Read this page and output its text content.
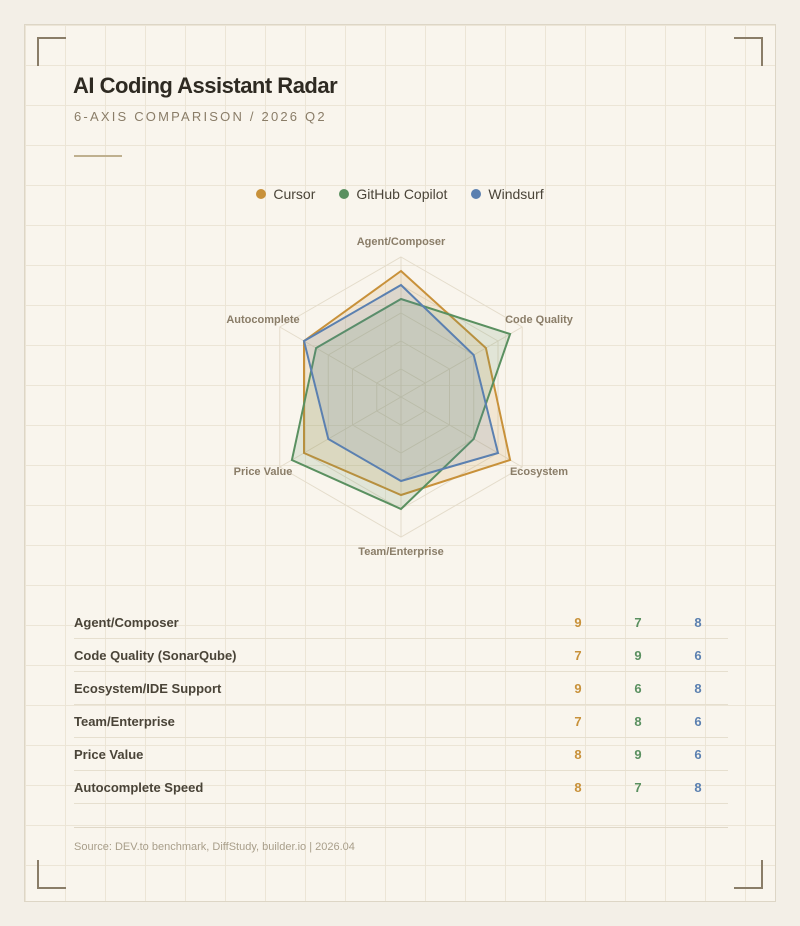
AI Coding Assistant Radar
6-AXIS COMPARISON / 2026 Q2
Cursor	GitHub Copilot	Windsurf
Agent/Composer
Code Quality
Ecosystem
Team/Enterprise
Price Value
Autocomplete
Agent/Composer	9	7	8
Code Quality (SonarQube)	7	9	6
Ecosystem/IDE Support	9	6	8
Team/Enterprise	7	8	6
Price Value	8	9	6
Autocomplete Speed	8	7	8
Source: DEV.to benchmark, DiffStudy, builder.io | 2026.04
